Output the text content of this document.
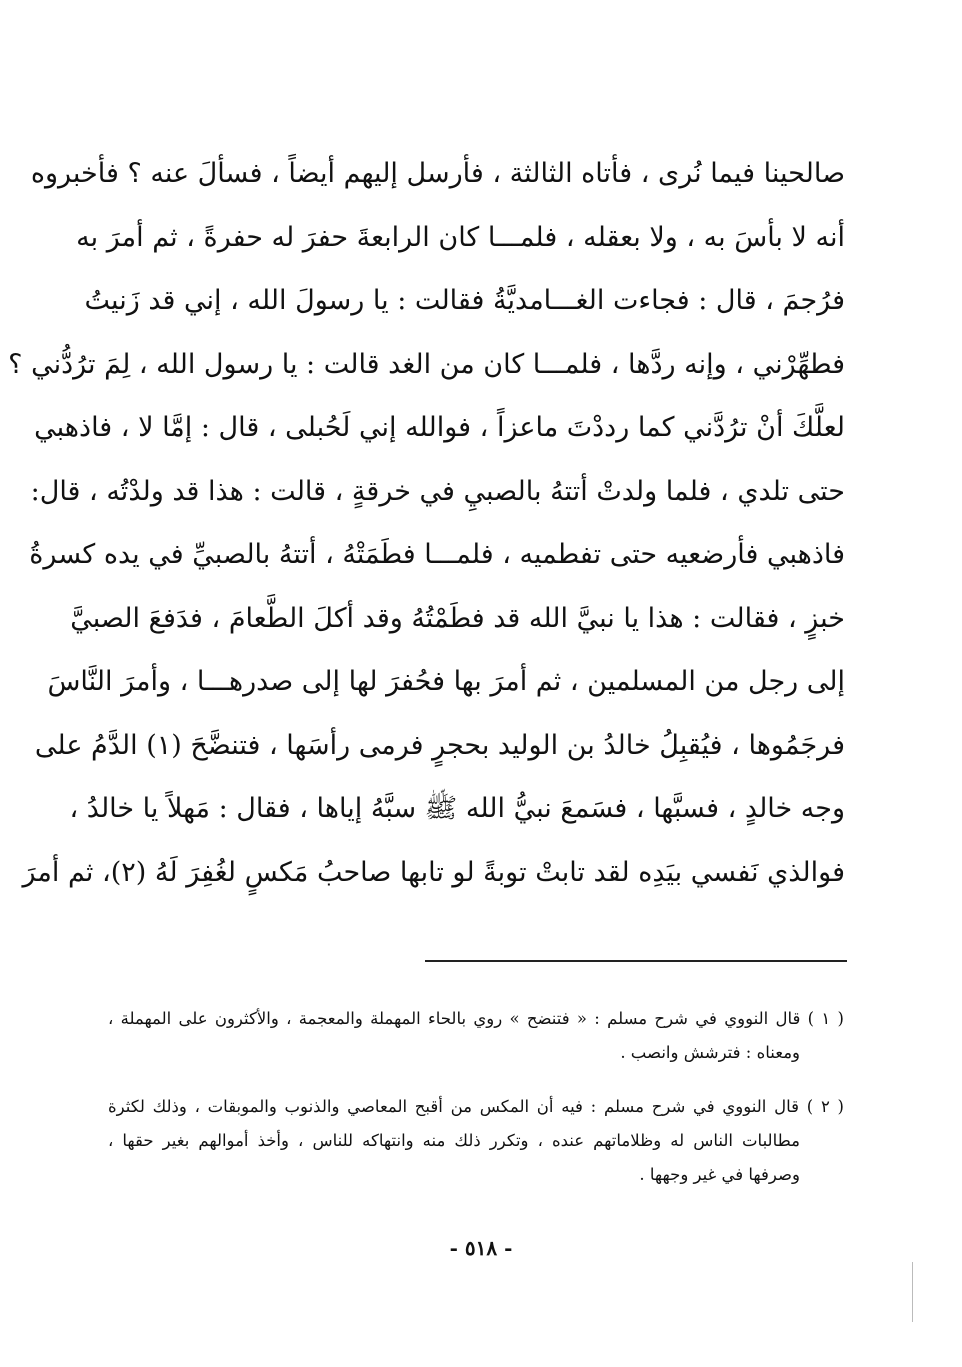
صالحينا فيما نُرى ، فأتاه الثالثة ، فأرسل إليهم أيضاً ، فسألَ عنه ؟ فأخبروه
أنه لا بأسَ به ، ولا بعقله ، فلمـــا كان الرابعةَ حفرَ له حفرةً ، ثم أمرَ به
فرُجمَ ، قال : فجاءت الغـــامديَّةُ فقالت : يا رسولَ الله ، إني قد زَنيتُ
فطهِّرْني ، وإنه ردَّها ، فلمـــا كان من الغد قالت : يا رسول الله ، لِمَ ترُدُّني ؟
لعلَّكَ أنْ ترُدَّني كما رددْتَ ماعزاً ، فوالله إني لَحُبلى ، قال : إمَّا لا ، فاذهبي
حتى تلدي ، فلما ولدتْ أتتهُ بالصبيِ في خرقةٍ ، قالت : هذا قد ولدْتُه ، قال:
فاذهبي فأرضعيه حتى تفطميه ، فلمـــا فطَمَتْهُ ، أتتهُ بالصبيِّ في يده كسرةُ
خبزٍ ، فقالت : هذا يا نبيَّ الله قد فطَمْتُهُ وقد أكلَ الطَّعامَ ، فدَفعَ الصبيَّ
إلى رجل من المسلمين ، ثم أمرَ بها فحُفرَ لها إلى صدرهـــا ، وأمرَ النَّاسَ
فرجَمُوها ، فيُقبِلُ خالدُ بن الوليد بحجرٍ فرمى رأسَها ، فتنضَّحَ (١) الدَّمُ على
وجه خالدٍ ، فسبَّها ، فسَمعَ نبيُّ الله ﷺ سبَّهُ إياها ، فقال : مَهلاً يا خالدُ ،
فوالذي نَفسي بيَدِه لقد تابتْ توبةً لو تابها صاحبُ مَكسٍ لغُفِرَ لَهُ (٢)، ثم أمرَ
( ١ ) قال النووي في شرح مسلم : « فتنضح » روي بالحاء المهملة والمعجمة ، والأكثرون على المهملة ،
ومعناه : فترشش وانصب .
( ٢ ) قال النووي في شرح مسلم : فيه أن المكس من أقبح المعاصي والذنوب والموبقات ، وذلك لكثرة
مطالبات الناس له وظلاماتهم عنده ، وتكرر ذلك منه وانتهاكه للناس ، وأخذ أموالهم بغير حقها ،
وصرفها في غير وجهها .
- ٥١٨ -
